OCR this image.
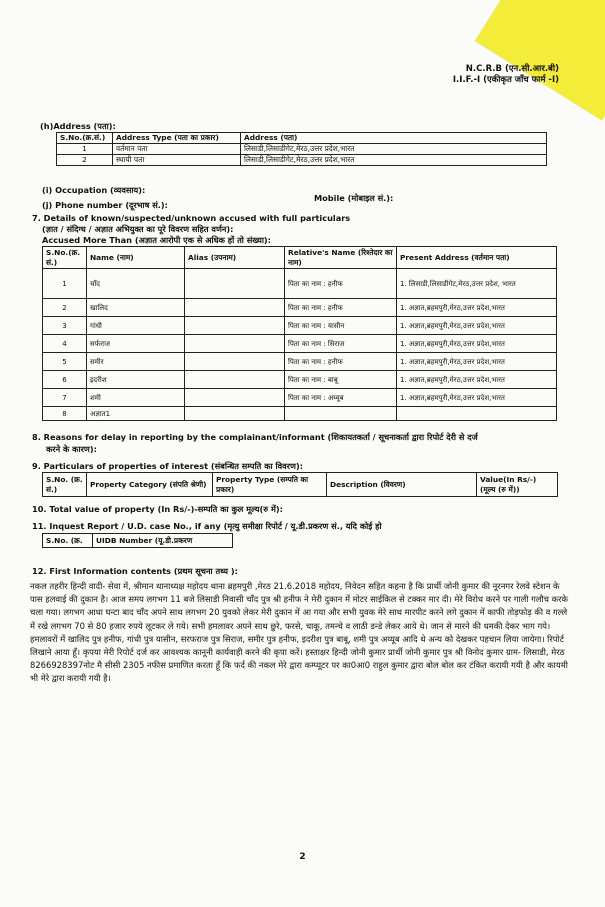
N.C.R.B (एन.सी.आर.बी)
I.I.F.-I (एकीकृत जाँच फार्म -I)
(h)Address (पता):
S.No.(क्र.सं.)	Address Type (पता का प्रकार)	Address (पता)
1	वर्तमान पता	लिसाडी,लिसाडीगेट,मेरठ,उत्तर प्रदेश,भारत
2	स्थायी पता	लिसाडी,लिसाडीगेट,मेरठ,उत्तर प्रदेश,भारत
(i) Occupation (व्यवसाय):
Mobile (मोबाइल सं.):
(j) Phone number (दूरभाष सं.):
7. Details of known/suspected/unknown accused with full particulars
(ज्ञात / संदिग्ध / अज्ञात अभियुक्त का पूरे विवरण सहित वर्णन):
Accused More Than (अज्ञात आरोपी एक से अधिक हों तो संख्या):
S.No.(क्र. सं.)	Name (नाम)	Alias (उपनाम)	Relative's Name (रिश्तेदार का नाम)	Present Address (वर्तमान पता)
1	चाँद		पिता का नाम : हनीफ	1. लिसाडी,लिसाडीगेट,मेरठ,उत्तर प्रदेश, भारत
2	खालिद		पिता का नाम : हनीफ	1. अज्ञात,ब्रहमपुरी,मेरठ,उत्तर प्रदेश,भारत
3	गांधी		पिता का नाम : यासीन	1. अज्ञात,ब्रहमपुरी,मेरठ,उत्तर प्रदेश,भारत
4	सर्फराज		पिता का नाम : सिराज	1. अज्ञात,ब्रहमपुरी,मेरठ,उत्तर प्रदेश,भारत
5	समीर		पिता का नाम : हनीफ	1. अज्ञात,ब्रहमपुरी,मेरठ,उत्तर प्रदेश,भारत
6	इदरीश		पिता का नाम : बाबू	1. अज्ञात,ब्रहमपुरी,मेरठ,उत्तर प्रदेश,भारत
7	शमी		पिता का नाम : अय्यूब	1. अज्ञात,ब्रहमपुरी,मेरठ,उत्तर प्रदेश,भारत
8	अज्ञात1			
8. Reasons for delay in reporting by the complainant/informant (शिकायतकर्ता / सूचनाकर्ता द्वारा रिपोर्ट देरी से दर्ज
करने के कारण):
9. Particulars of properties of interest (संबन्धित सम्पति का विवरण):
S.No. (क्र. सं.)	Property Category (संपति श्रेणी)	Property Type (सम्पति का प्रकार)	Description (विवरण)	Value(In Rs/-) (मूल्य (रु में))
10. Total value of property (In Rs/-)-सम्पति का कुल मूल्य(रु में):
11. Inquest Report / U.D. case No., if any (मृत्यु समीक्षा रिपोर्ट / यू.डी.प्रकरण सं., यदि कोई हो
S.No. (क्र.	UIDB Number (यू.डी.प्रकरण
12. First Information contents (प्रथम सूचना तथ्य ):
नकल तहरीर हिन्दी वादी- सेवा में, श्रीमान थानाध्यक्ष महोदय थाना ब्रहमपुरी ,मेरठ 21.6.2018 महोदय, निवेदन सहित कहना है कि प्रार्थी जोनी कुमार की नूरनगर रेलवे स्टेशन के पास हलवाई की दुकान है। आज समय लगभग 11 बजे लिसाडी निवासी चाँद पुत्र श्री हनीफ ने मेरी दुकान में मोटर साईकिल से टक्कर मार दी। मेरे विरोध करने पर गाली गलौच करके चला गया। लगभग आधा घन्टा बाद चाँद अपने साथ लगभग 20 युवको लेकर मेरी दुकान में आ गया और सभी युवक मेरे साथ मारपीट करने लगे दुकान में काफी तोड़फोड़ की व गल्ले में रखे लगभग 70 से 80 हजार रुपये लूटकर ले गये। सभी हमलावर अपने साथ छुरे, फरसे, चाकू, तमन्चे व लाठी डन्डे लेकर आये थे। जान से मारने की धमकी देकर भाग गये। हमलावरों में खालिद पुत्र हनीफ, गांधी पुत्र यासीन, सरफराज पुत्र सिराज, समीर पुत्र हनीफ, इदरीश पुत्र बाबू, शमी पुत्र अय्यूब आदि थे अन्य को देखकर पहचान लिया जायेगा। रिपोर्ट लिखाने आया हूँ। कृपया मेरी रिपोर्ट दर्ज कर आवश्यक कानूनी कार्यवाही करने की कृपा करें। हस्ताक्षर हिन्दी जोनी कुमार प्रार्थी जोनी कुमार पुत्र श्री विनोद कुमार ग्राम- लिसाडी, मेरठ 8266928397नोट मै सीसी 2305 नफीस प्रमाणित करता हूँ कि फर्द की नकल मेरे द्वारा कम्प्यूटर पर का0आ0 राहुल कुमार द्वारा बोल बोल कर टंकित करायी गयी है और कायमी भी मेरे द्वारा करायी गयी है।
2
